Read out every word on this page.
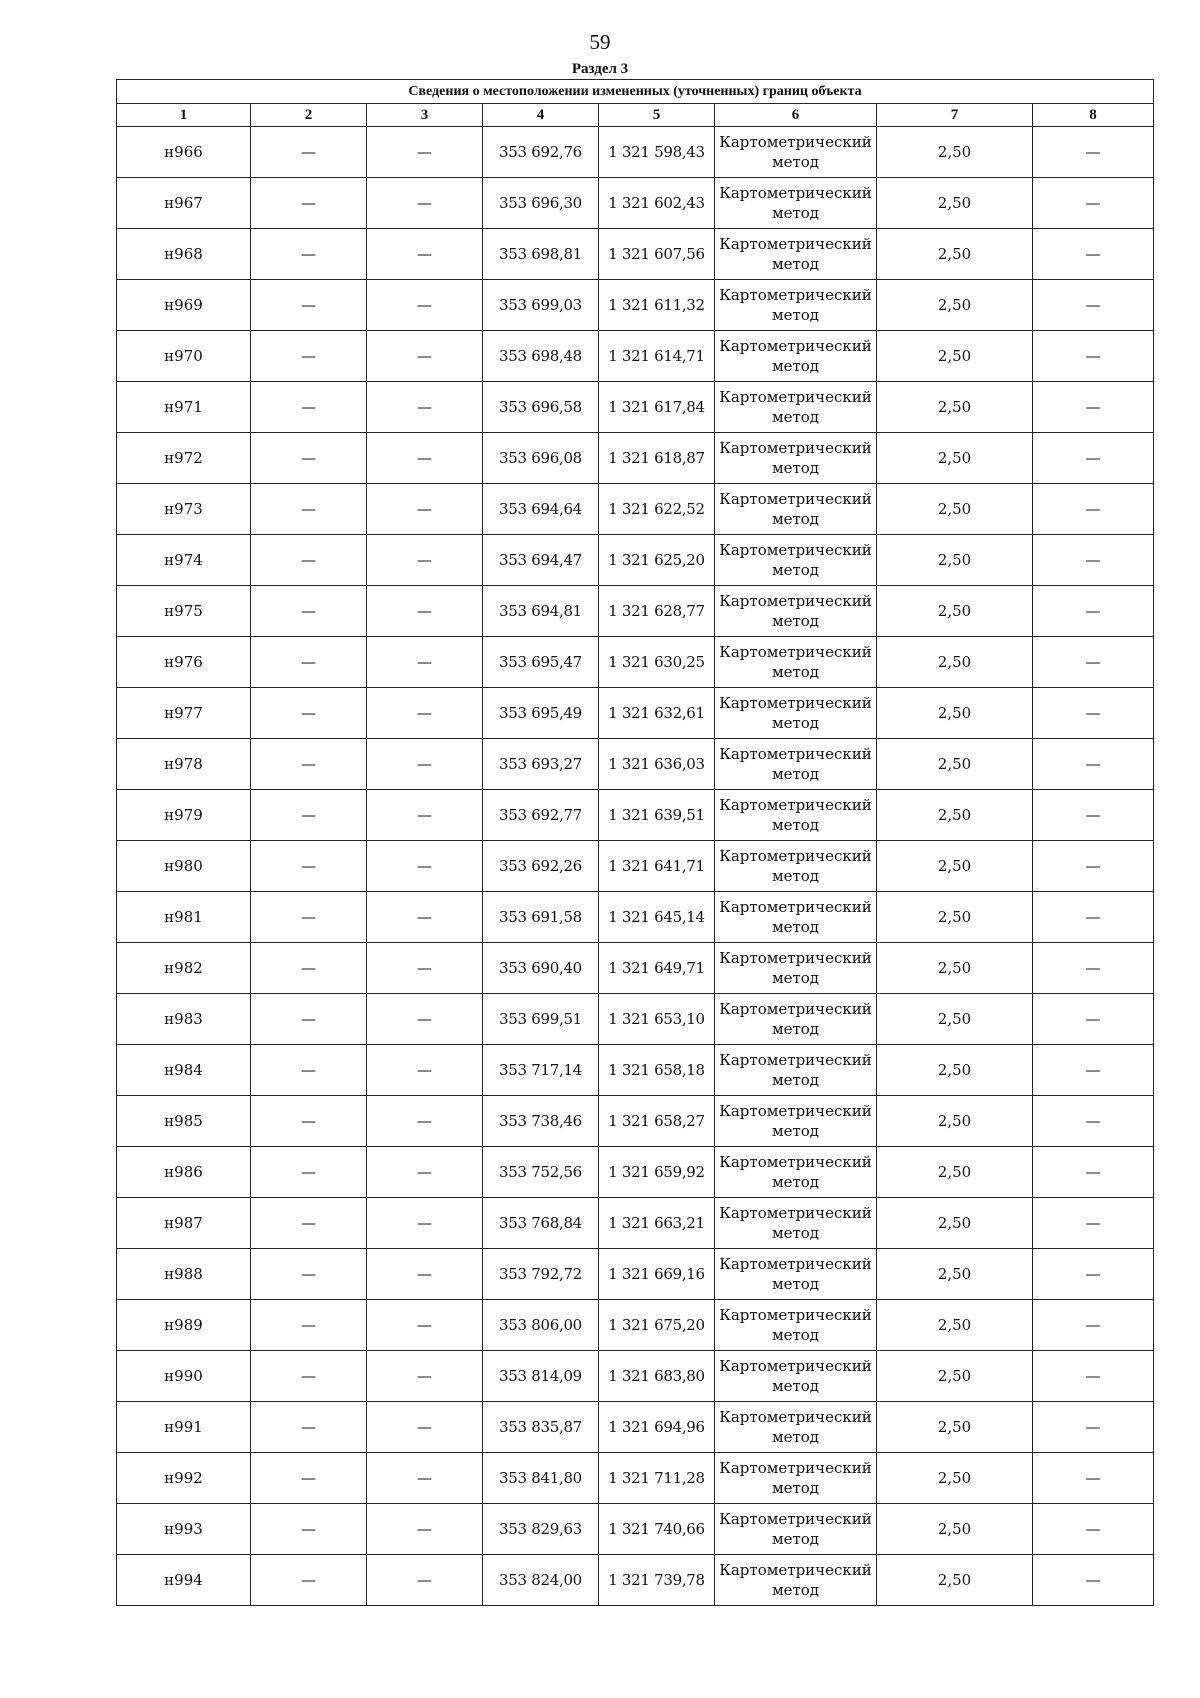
59
Раздел 3
Сведения о местоположении измененных (уточненных) границ объекта							
1	2	3	4	5	6	7	8
н966	—	—	353 692,76	1 321 598,43	Картометрический метод	2,50	—
н967	—	—	353 696,30	1 321 602,43	Картометрический метод	2,50	—
н968	—	—	353 698,81	1 321 607,56	Картометрический метод	2,50	—
н969	—	—	353 699,03	1 321 611,32	Картометрический метод	2,50	—
н970	—	—	353 698,48	1 321 614,71	Картометрический метод	2,50	—
н971	—	—	353 696,58	1 321 617,84	Картометрический метод	2,50	—
н972	—	—	353 696,08	1 321 618,87	Картометрический метод	2,50	—
н973	—	—	353 694,64	1 321 622,52	Картометрический метод	2,50	—
н974	—	—	353 694,47	1 321 625,20	Картометрический метод	2,50	—
н975	—	—	353 694,81	1 321 628,77	Картометрический метод	2,50	—
н976	—	—	353 695,47	1 321 630,25	Картометрический метод	2,50	—
н977	—	—	353 695,49	1 321 632,61	Картометрический метод	2,50	—
н978	—	—	353 693,27	1 321 636,03	Картометрический метод	2,50	—
н979	—	—	353 692,77	1 321 639,51	Картометрический метод	2,50	—
н980	—	—	353 692,26	1 321 641,71	Картометрический метод	2,50	—
н981	—	—	353 691,58	1 321 645,14	Картометрический метод	2,50	—
н982	—	—	353 690,40	1 321 649,71	Картометрический метод	2,50	—
н983	—	—	353 699,51	1 321 653,10	Картометрический метод	2,50	—
н984	—	—	353 717,14	1 321 658,18	Картометрический метод	2,50	—
н985	—	—	353 738,46	1 321 658,27	Картометрический метод	2,50	—
н986	—	—	353 752,56	1 321 659,92	Картометрический метод	2,50	—
н987	—	—	353 768,84	1 321 663,21	Картометрический метод	2,50	—
н988	—	—	353 792,72	1 321 669,16	Картометрический метод	2,50	—
н989	—	—	353 806,00	1 321 675,20	Картометрический метод	2,50	—
н990	—	—	353 814,09	1 321 683,80	Картометрический метод	2,50	—
н991	—	—	353 835,87	1 321 694,96	Картометрический метод	2,50	—
н992	—	—	353 841,80	1 321 711,28	Картометрический метод	2,50	—
н993	—	—	353 829,63	1 321 740,66	Картометрический метод	2,50	—
н994	—	—	353 824,00	1 321 739,78	Картометрический метод	2,50	—
